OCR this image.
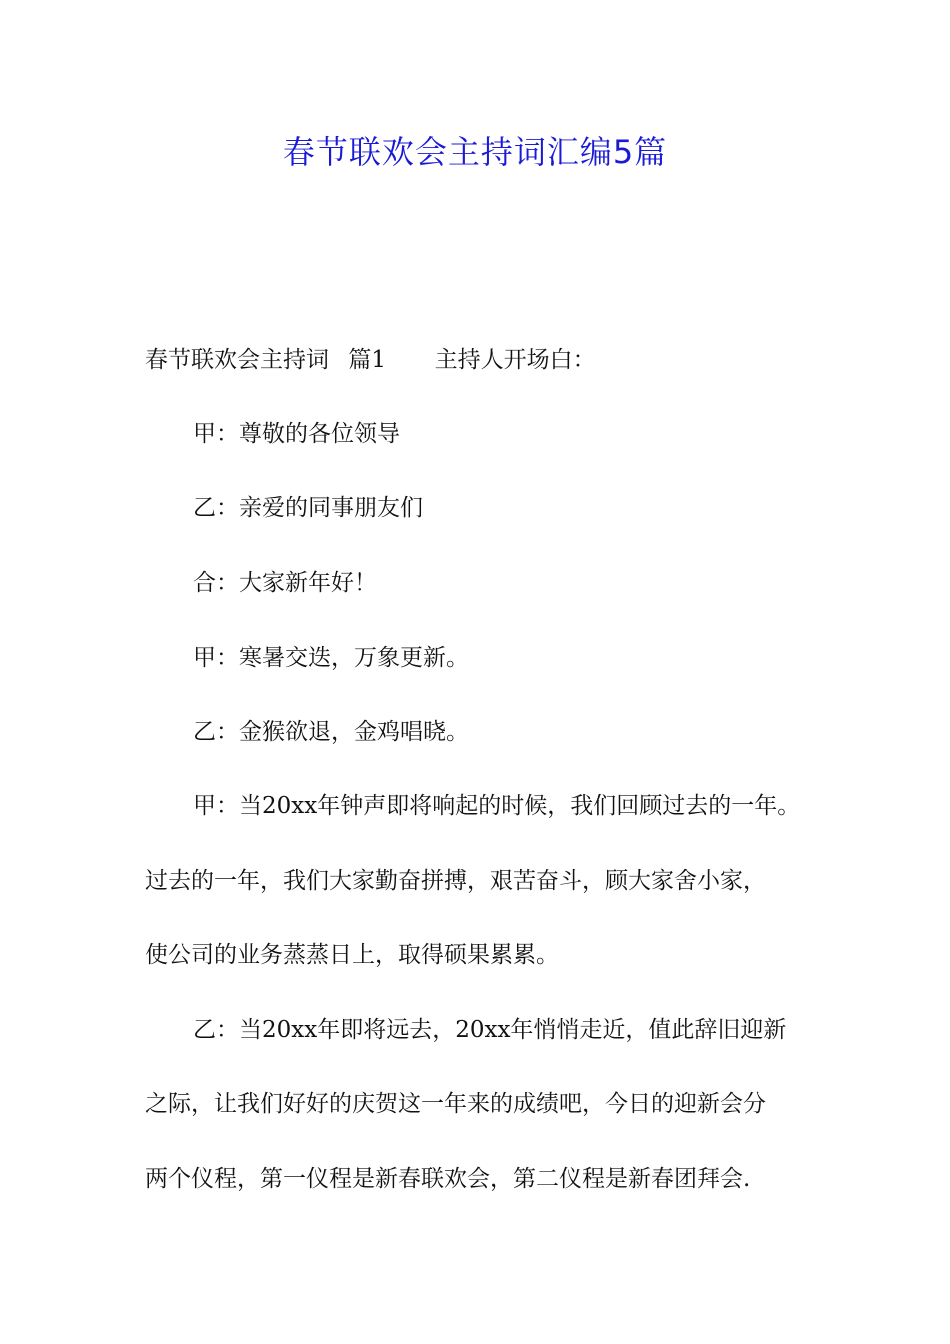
春节联欢会主持词汇编5篇
春节联欢会主持词 篇1 主持人开场白：
甲：尊敬的各位领导
乙：亲爱的同事朋友们
合：大家新年好！
甲：寒暑交迭，万象更新。
乙：金猴欲退，金鸡唱晓。
甲：当20xx年钟声即将响起的时候，我们回顾过去的一年。
过去的一年，我们大家勤奋拼搏，艰苦奋斗，顾大家舍小家，
使公司的业务蒸蒸日上，取得硕果累累。
乙：当20xx年即将远去，20xx年悄悄走近，值此辞旧迎新
之际，让我们好好的庆贺这一年来的成绩吧，今日的迎新会分
两个仪程，第一仪程是新春联欢会，第二仪程是新春团拜会.
